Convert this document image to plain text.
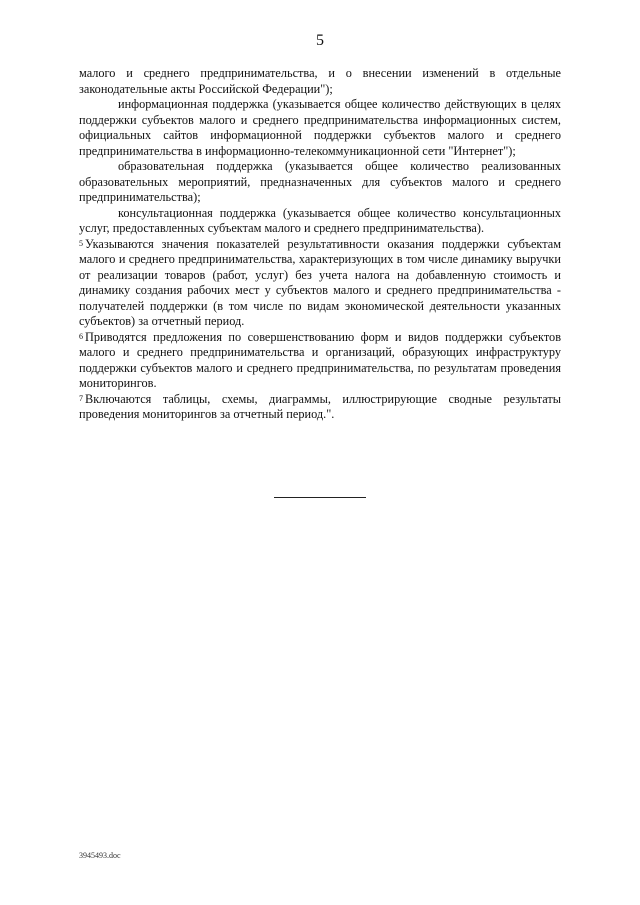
5

малого и среднего предпринимательства, и о внесении изменений в отдельные законодательные акты Российской Федерации");

информационная поддержка (указывается общее количество действующих в целях поддержки субъектов малого и среднего предпринимательства информационных систем, официальных сайтов информационной поддержки субъектов малого и среднего предпринимательства в информационно-телекоммуникационной сети "Интернет");

образовательная поддержка (указывается общее количество реализованных образовательных мероприятий, предназначенных для субъектов малого и среднего предпринимательства);

консультационная поддержка (указывается общее количество консультационных услуг, предоставленных субъектам малого и среднего предпринимательства).

$^5$ Указываются значения показателей результативности оказания поддержки субъектам малого и среднего предпринимательства, характеризующих в том числе динамику выручки от реализации товаров (работ, услуг) без учета налога на добавленную стоимость и динамику создания рабочих мест у субъектов малого и среднего предпринимательства - получателей поддержки (в том числе по видам экономической деятельности указанных субъектов) за отчетный период.

$^6$ Приводятся предложения по совершенствованию форм и видов поддержки субъектов малого и среднего предпринимательства и организаций, образующих инфраструктуру поддержки субъектов малого и среднего предпринимательства, по результатам проведения мониторингов.

$^7$ Включаются таблицы, схемы, диаграммы, иллюстрирующие сводные результаты проведения мониторингов за отчетный период.".

3945493.doc
